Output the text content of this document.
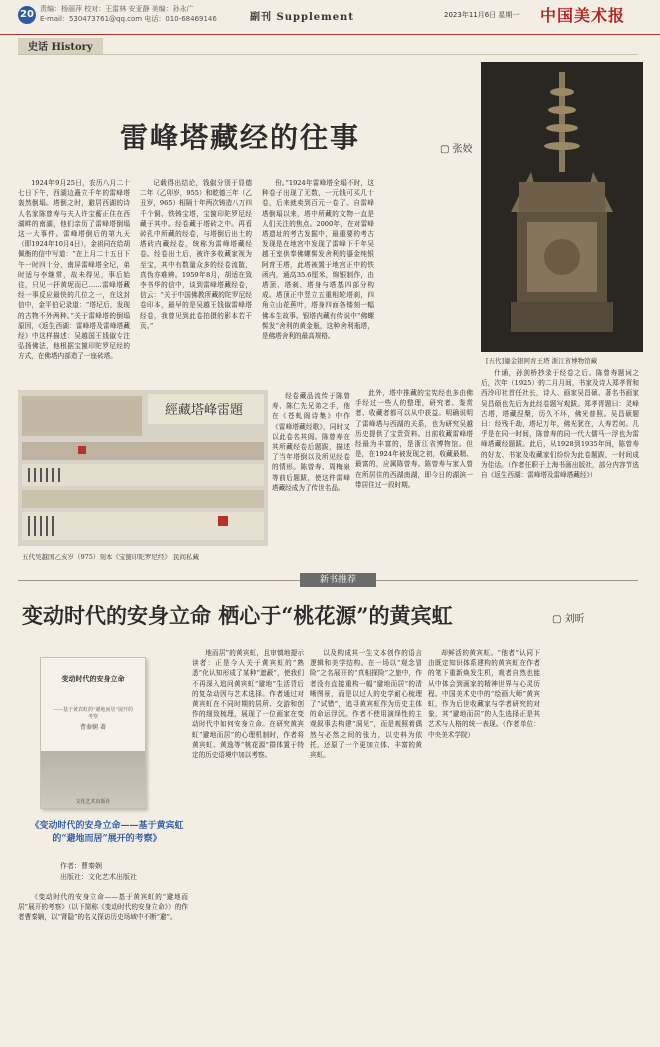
20 责编：杨丽萍 校对：王雷林 安亚静 美编：孙永广
E-mail：530473761@qq.com 电话：010-68469146	副刊 Supplement	2023年11月6日 星期一 中国美术报
史话 History
雷峰塔藏经的往事	▢ 张姣

1924年9月25日，农历八月二十七日下午，西湖边矗立千年的雷峰塔轰然倒塌。塔倒之时，避居西湖的诗人名家陈曾寿与夫人许宝蘅正住在西湖畔的南湖，他们亲历了雷峰塔倒塌这一大事件。雷峰塔倒后的第九天（即1924年10月4日），金祖同在给胡佩衡的信中写道：“在上月二十五日下午一时四十分，南屏雷峰塔全圮，弟时适与李继常，故未得见，事后始往，只见一抔黄坭而已……雷峰塔藏经一事反应最快的几位之一，在这封信中，金平伯记录道：“塔圮后，发现的古物不外两种。”关于雷峰塔的倒塌原因，《返生西湖：雷峰塔及雷峰塔藏经》中这样描述：吴越国王钱俶专注弘扬佛法，他根据宝箧印陀罗尼经的方式，在佛塔内部造了一座砖塔。

记载得出结论，钱俶分别于显德二年（乙卯岁，955）和乾德三年（乙丑岁，965）相隔十年两次铸造八万四千个铜、铁铸宝塔，宝箧印陀罗尼经藏于其中。经卷藏于塔砖之中。再看砖孔中所藏的经卷，与塔倒后出土的塔砖内藏经卷，统称为雷峰塔藏经卷。经卷出土后，被许多收藏家视为至宝，其中有数量众多的经卷流散，真伪亦难辨。1959年8月，胡适在致李书华的信中，谈到雷峰塔藏经卷，信云：“关于中国佛教所藏的陀罗尼经卷印本，最早的是吴越王钱俶雷峰塔经卷，我曾见到此卷拍摄的影本若干页。”

份。”1924年雷峰塔全塌不时，这种卷子出现了无数，一元钱可买几十卷，后来就卖到百元一卷了。自雷峰塔倒塌以来，塔中所藏的文物一直是人们关注的焦点。2000年，在对雷峰塔遗址的考古发掘中，最重要的考古发现是在地宫中发现了雷峰下千年吴越王室供奉佛螺髻发舍利的鎏金纯银阿育王塔，此塔被置于地宫正中的铁函内，通高35.6厘米，绵银制作，由塔顶、塔刹、塔身与塔基四部分构成。塔顶正中竖立五重相轮塔刹，四角立山花蕉叶，塔身四面各镂刻一幅佛本生故事。银塔内藏有传说中“佛螺髻发”舍利的黄金瓶，这种舍利瓶塔，是佛塔舍利的最高规格。

此外，塔中推藏的宝宪经也多由佛手经过一些人的整理，研究者、鉴赏者、收藏者都可以从中获益。明确说明了雷峰塔与西湖的关系，也为研究吴越历史提供了宝贵资料。目前收藏雷峰塔经最为丰富的，是浙江省博物馆。但是，在1924年被发现之初，收藏最精、最富的，应属陈曾寿。陈曾寿与家人曾在所居住的西湖南湖，即今日的湖滨一带居住过一段时期。

什诵，孙剑桥抄录于经卷之后。陈曾寿题词之后，次年（1925）的二月月间，书家及诗人郑孝胥和西泠印社首任社长，诗人、画家吴昌硕、著名书画家吴昌硕也先后为此经卷题写观跋。郑孝胥题曰：灵峰古塔，塔藏涅槃，历久不坏，佛光普照。吴昌硕题曰：经残千劫，塔圮万年，佛光犹在，人寿若何。几乎是在同一时间，陈曾寿的同一代大儒马一浮也为雷峰塔藏经题跋。此后，从1928到1935年间，陈曾寿的好友、书家及收藏家们纷纷为此卷题跋，一时间成为佳话。（作者任职于上海书画出版社，部分内容节选自《返生西湖：雷峰塔及雷峰塔藏经》）

[五代]鎏金银阿育王塔 浙江省博物馆藏
經藏塔峰雷題
五代吴越国乙亥岁（975）刻本《宝箧印陀罗尼经》 民间私藏

经卷藏品流传于陈曾寿、陈仁先兄弟之手，他在《苍虬阁诗集》中作《雷峰塔藏经歌》，同时又以此卷名其阁。陈曾寿在其所藏经卷后题跋，描述了当年塔倒以及所见经卷的情形。陈曾寿、周梅泉等前后题跋，使这件雷峰塔藏经成为了传世名品。

新书推荐
变动时代的安身立命 栖心于“桃花源”的黄宾虹	▢ 刘昕
变动时代的安身立命
——基于黄宾虹的“避地而居”展开的考察
曹秦娴 著
文化艺术出版社
《变动时代的安身立命——基于黄宾虹的“避地而居”展开的考察》
作者：曹秦娴
出版社：文化艺术出版社

《变动时代的安身立命——基于黄宾虹的“避地而居”展开的考察》（以下简称《变动时代的安身立命》）的作者曹秦娴，以“肾隐”的名义探访历史场域中不断“避”。

地而居”的黄宾虹，且审慎地提示读者：正是今人关于黄宾虹的“熟悉”化认知形成了某种“遮蔽”，使我们不再深入追问黄宾虹“避地”生活背后的复杂动因与艺术选择。作者通过对黄宾虹在不同时期的居所、交游和创作的细致梳理，展现了一位画家在变动时代中如何安身立命。在研究黄宾虹“避地而居”的心理机制时，作者将黄宾虹、黄逸等“桃花源”群体置于特定的历史语境中加以考察。

以及构成其一生文本创作的语言逻辑和美学结构。在一场以“观念冒险”之名展开的“真相探险”之旅中，作者没有直接重构一幅“避地而居”的清晰图景，而是以过人的史学耐心梳理了“试错”，追寻黄宾虹作为历史主体的命运浮沉。作者不使用演绎性的主观叙事去构建“洞见”，而是观照着偶然与必然之间的张力，以史料为依托，还原了一个更加立体、丰富的黄宾虹。

却鲜活的黄宾虹。“他者”认同下由既定知识体系建构的黄宾虹在作者的笔下重新焕发生机，观者自然也能从中体会到画家的精神世界与心灵历程。中国美术史中的“绘画大师”黄宾虹，作为后世收藏家与学者研究的对象，其“避地而居”的人生选择正是其艺术与人格的统一表现。（作者单位：中央美术学院）
